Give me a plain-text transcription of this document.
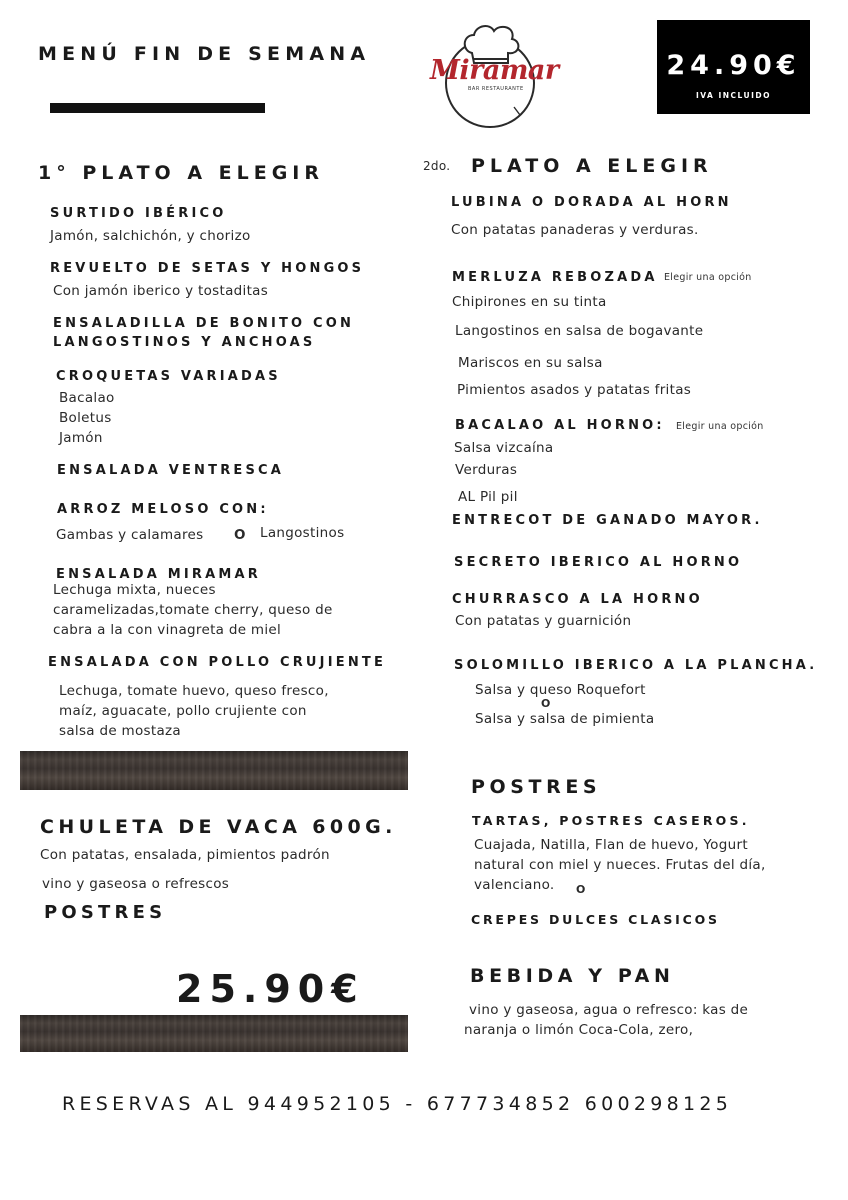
MENÚ FIN DE SEMANA
Miramar
BAR RESTAURANTE
24.90€
IVA INCLUIDO
1° PLATO A ELEGIR
SURTIDO IBÉRICO
Jamón, salchichón, y chorizo
REVUELTO DE SETAS Y HONGOS
Con jamón iberico y tostaditas
ENSALADILLA DE BONITO CON
LANGOSTINOS Y ANCHOAS
CROQUETAS VARIADAS
Bacalao
Boletus
Jamón
ENSALADA VENTRESCA
ARROZ MELOSO CON:
Gambas y calamares O Langostinos
ENSALADA MIRAMAR
Lechuga mixta, nueces
caramelizadas,tomate cherry, queso de
cabra a la con vinagreta de miel
ENSALADA CON POLLO CRUJIENTE
Lechuga, tomate huevo, queso fresco,
maíz, aguacate, pollo crujiente con
salsa de mostaza
CHULETA DE VACA 600G.
Con patatas, ensalada, pimientos padrón
vino y gaseosa o refrescos
POSTRES
25.90€
2do. PLATO A ELEGIR
LUBINA O DORADA AL HORN
Con patatas panaderas y verduras.
MERLUZA REBOZADA Elegir una opción
Chipirones en su tinta
Langostinos en salsa de bogavante
Mariscos en su salsa
Pimientos asados y patatas fritas
BACALAO AL HORNO: Elegir una opción
Salsa vizcaína
Verduras
AL Pil pil
ENTRECOT DE GANADO MAYOR.
SECRETO IBERICO AL HORNO
CHURRASCO A LA HORNO
Con patatas y guarnición
SOLOMILLO IBERICO A LA PLANCHA.
Salsa y queso Roquefort
O
Salsa y salsa de pimienta
POSTRES
TARTAS, POSTRES CASEROS.
Cuajada, Natilla, Flan de huevo, Yogurt
natural con miel y nueces. Frutas del día,
valenciano. O
CREPES DULCES CLASICOS
BEBIDA Y PAN
vino y gaseosa, agua o refresco: kas de
naranja o limón Coca-Cola, zero,
RESERVAS AL 944952105 - 677734852 600298125
